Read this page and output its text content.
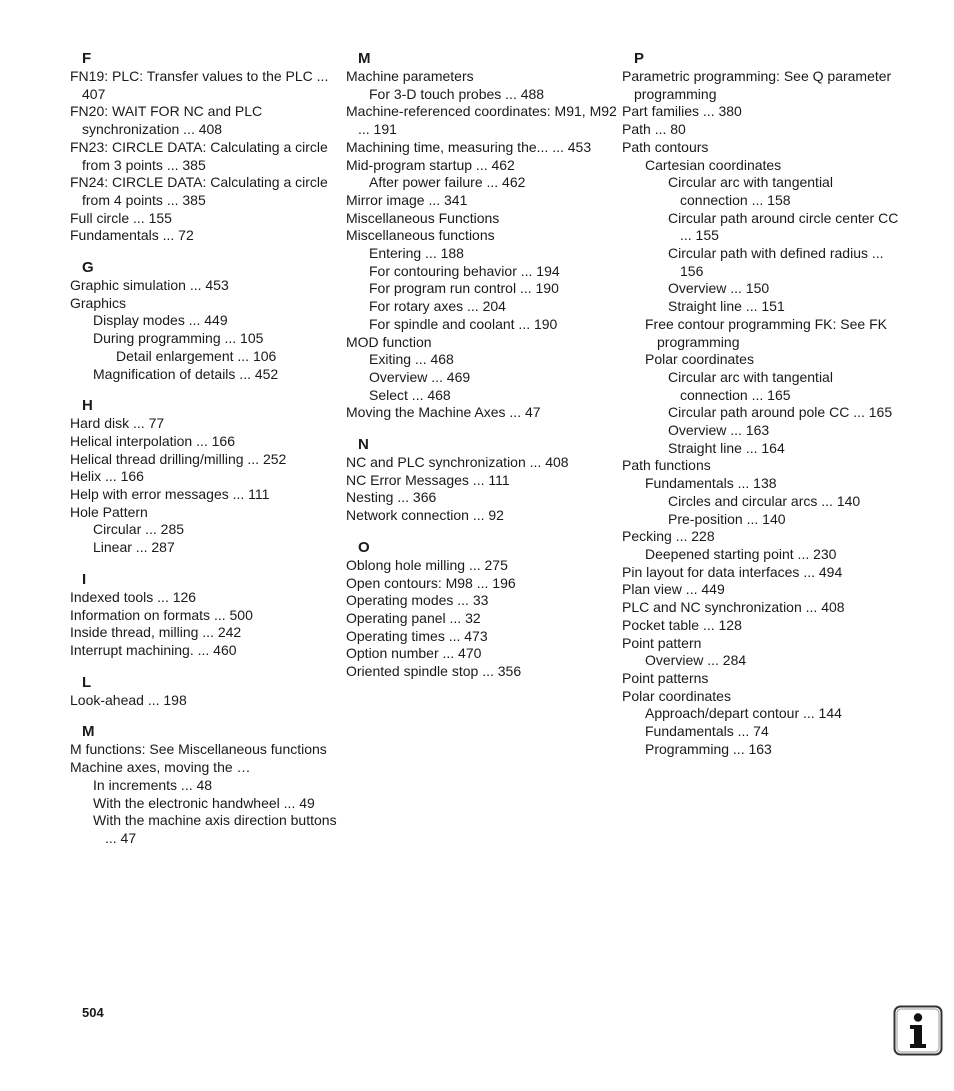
F
FN19: PLC: Transfer values to the PLC ... 407
FN20: WAIT FOR NC and PLC synchronization ... 408
FN23: CIRCLE DATA: Calculating a circle from 3 points ... 385
FN24: CIRCLE DATA: Calculating a circle from 4 points ... 385
Full circle ... 155
Fundamentals ... 72
G
Graphic simulation ... 453
Graphics
Display modes ... 449
During programming ... 105
Detail enlargement ... 106
Magnification of details ... 452
H
Hard disk ... 77
Helical interpolation ... 166
Helical thread drilling/milling ... 252
Helix ... 166
Help with error messages ... 111
Hole Pattern
Circular ... 285
Linear ... 287
I
Indexed tools ... 126
Information on formats ... 500
Inside thread, milling ... 242
Interrupt machining. ... 460
L
Look-ahead ... 198
M
M functions: See Miscellaneous functions
Machine axes, moving the …
In increments ... 48
With the electronic handwheel ... 49
With the machine axis direction buttons ... 47
M
Machine parameters
For 3-D touch probes ... 488
Machine-referenced coordinates: M91, M92 ... 191
Machining time, measuring the... ... 453
Mid-program startup ... 462
After power failure ... 462
Mirror image ... 341
Miscellaneous Functions
Miscellaneous functions
Entering ... 188
For contouring behavior ... 194
For program run control ... 190
For rotary axes ... 204
For spindle and coolant ... 190
MOD function
Exiting ... 468
Overview ... 469
Select ... 468
Moving the Machine Axes ... 47
N
NC and PLC synchronization ... 408
NC Error Messages ... 111
Nesting ... 366
Network connection ... 92
O
Oblong hole milling ... 275
Open contours: M98 ... 196
Operating modes ... 33
Operating panel ... 32
Operating times ... 473
Option number ... 470
Oriented spindle stop ... 356
P
Parametric programming: See Q parameter programming
Part families ... 380
Path ... 80
Path contours
Cartesian coordinates
Circular arc with tangential connection ... 158
Circular path around circle center CC ... 155
Circular path with defined radius ... 156
Overview ... 150
Straight line ... 151
Free contour programming FK: See FK programming
Polar coordinates
Circular arc with tangential connection ... 165
Circular path around pole CC ... 165
Overview ... 163
Straight line ... 164
Path functions
Fundamentals ... 138
Circles and circular arcs ... 140
Pre-position ... 140
Pecking ... 228
Deepened starting point ... 230
Pin layout for data interfaces ... 494
Plan view ... 449
PLC and NC synchronization ... 408
Pocket table ... 128
Point pattern
Overview ... 284
Point patterns
Polar coordinates
Approach/depart contour ... 144
Fundamentals ... 74
Programming ... 163
504
